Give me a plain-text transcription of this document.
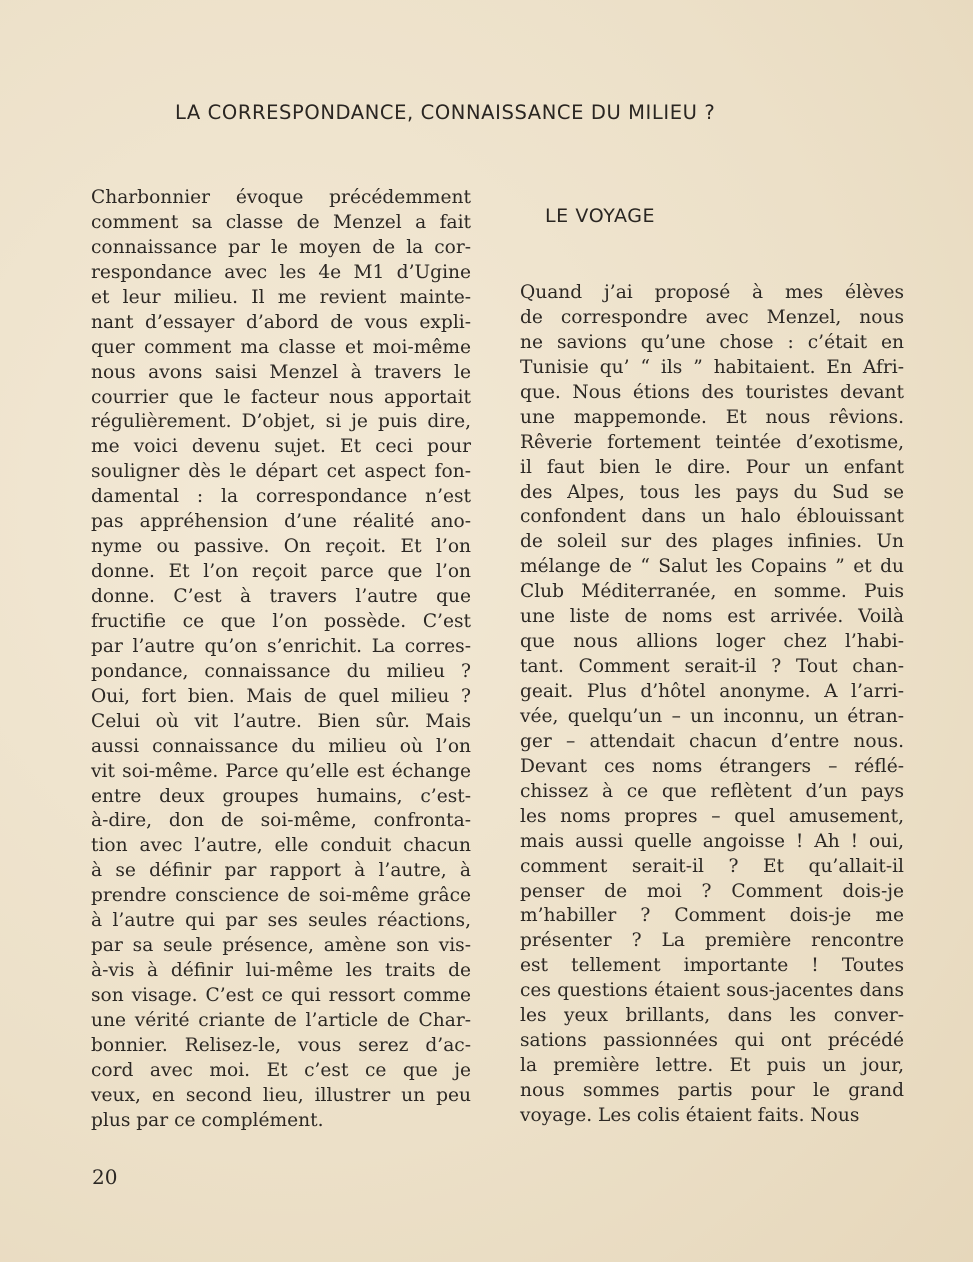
LA CORRESPONDANCE, CONNAISSANCE DU MILIEU ?
Charbonnier évoque précédemment
comment sa classe de Menzel a fait
connaissance par le moyen de la cor-
respondance avec les 4e M1 d’Ugine
et leur milieu. Il me revient mainte-
nant d’essayer d’abord de vous expli-
quer comment ma classe et moi-même
nous avons saisi Menzel à travers le
courrier que le facteur nous apportait
régulièrement. D’objet, si je puis dire,
me voici devenu sujet. Et ceci pour
souligner dès le départ cet aspect fon-
damental : la correspondance n’est
pas appréhension d’une réalité ano-
nyme ou passive. On reçoit. Et l’on
donne. Et l’on reçoit parce que l’on
donne. C’est à travers l’autre que
fructifie ce que l’on possède. C’est
par l’autre qu’on s’enrichit. La corres-
pondance, connaissance du milieu ?
Oui, fort bien. Mais de quel milieu ?
Celui où vit l’autre. Bien sûr. Mais
aussi connaissance du milieu où l’on
vit soi-même. Parce qu’elle est échange
entre deux groupes humains, c’est-
à-dire, don de soi-même, confronta-
tion avec l’autre, elle conduit chacun
à se définir par rapport à l’autre, à
prendre conscience de soi-même grâce
à l’autre qui par ses seules réactions,
par sa seule présence, amène son vis-
à-vis à définir lui-même les traits de
son visage. C’est ce qui ressort comme
une vérité criante de l’article de Char-
bonnier. Relisez-le, vous serez d’ac-
cord avec moi. Et c’est ce que je
veux, en second lieu, illustrer un peu
plus par ce complément.
LE VOYAGE
Quand j’ai proposé à mes élèves
de correspondre avec Menzel, nous
ne savions qu’une chose : c’était en
Tunisie qu’ “ ils ” habitaient. En Afri-
que. Nous étions des touristes devant
une mappemonde. Et nous rêvions.
Rêverie fortement teintée d’exotisme,
il faut bien le dire. Pour un enfant
des Alpes, tous les pays du Sud se
confondent dans un halo éblouissant
de soleil sur des plages infinies. Un
mélange de “ Salut les Copains ” et du
Club Méditerranée, en somme. Puis
une liste de noms est arrivée. Voilà
que nous allions loger chez l’habi-
tant. Comment serait-il ? Tout chan-
geait. Plus d’hôtel anonyme. A l’arri-
vée, quelqu’un – un inconnu, un étran-
ger – attendait chacun d’entre nous.
Devant ces noms étrangers – réflé-
chissez à ce que reflètent d’un pays
les noms propres – quel amusement,
mais aussi quelle angoisse ! Ah ! oui,
comment serait-il ? Et qu’allait-il
penser de moi ? Comment dois-je
m’habiller ? Comment dois-je me
présenter ? La première rencontre
est tellement importante ! Toutes
ces questions étaient sous-jacentes dans
les yeux brillants, dans les conver-
sations passionnées qui ont précédé
la première lettre. Et puis un jour,
nous sommes partis pour le grand
voyage. Les colis étaient faits. Nous
20
